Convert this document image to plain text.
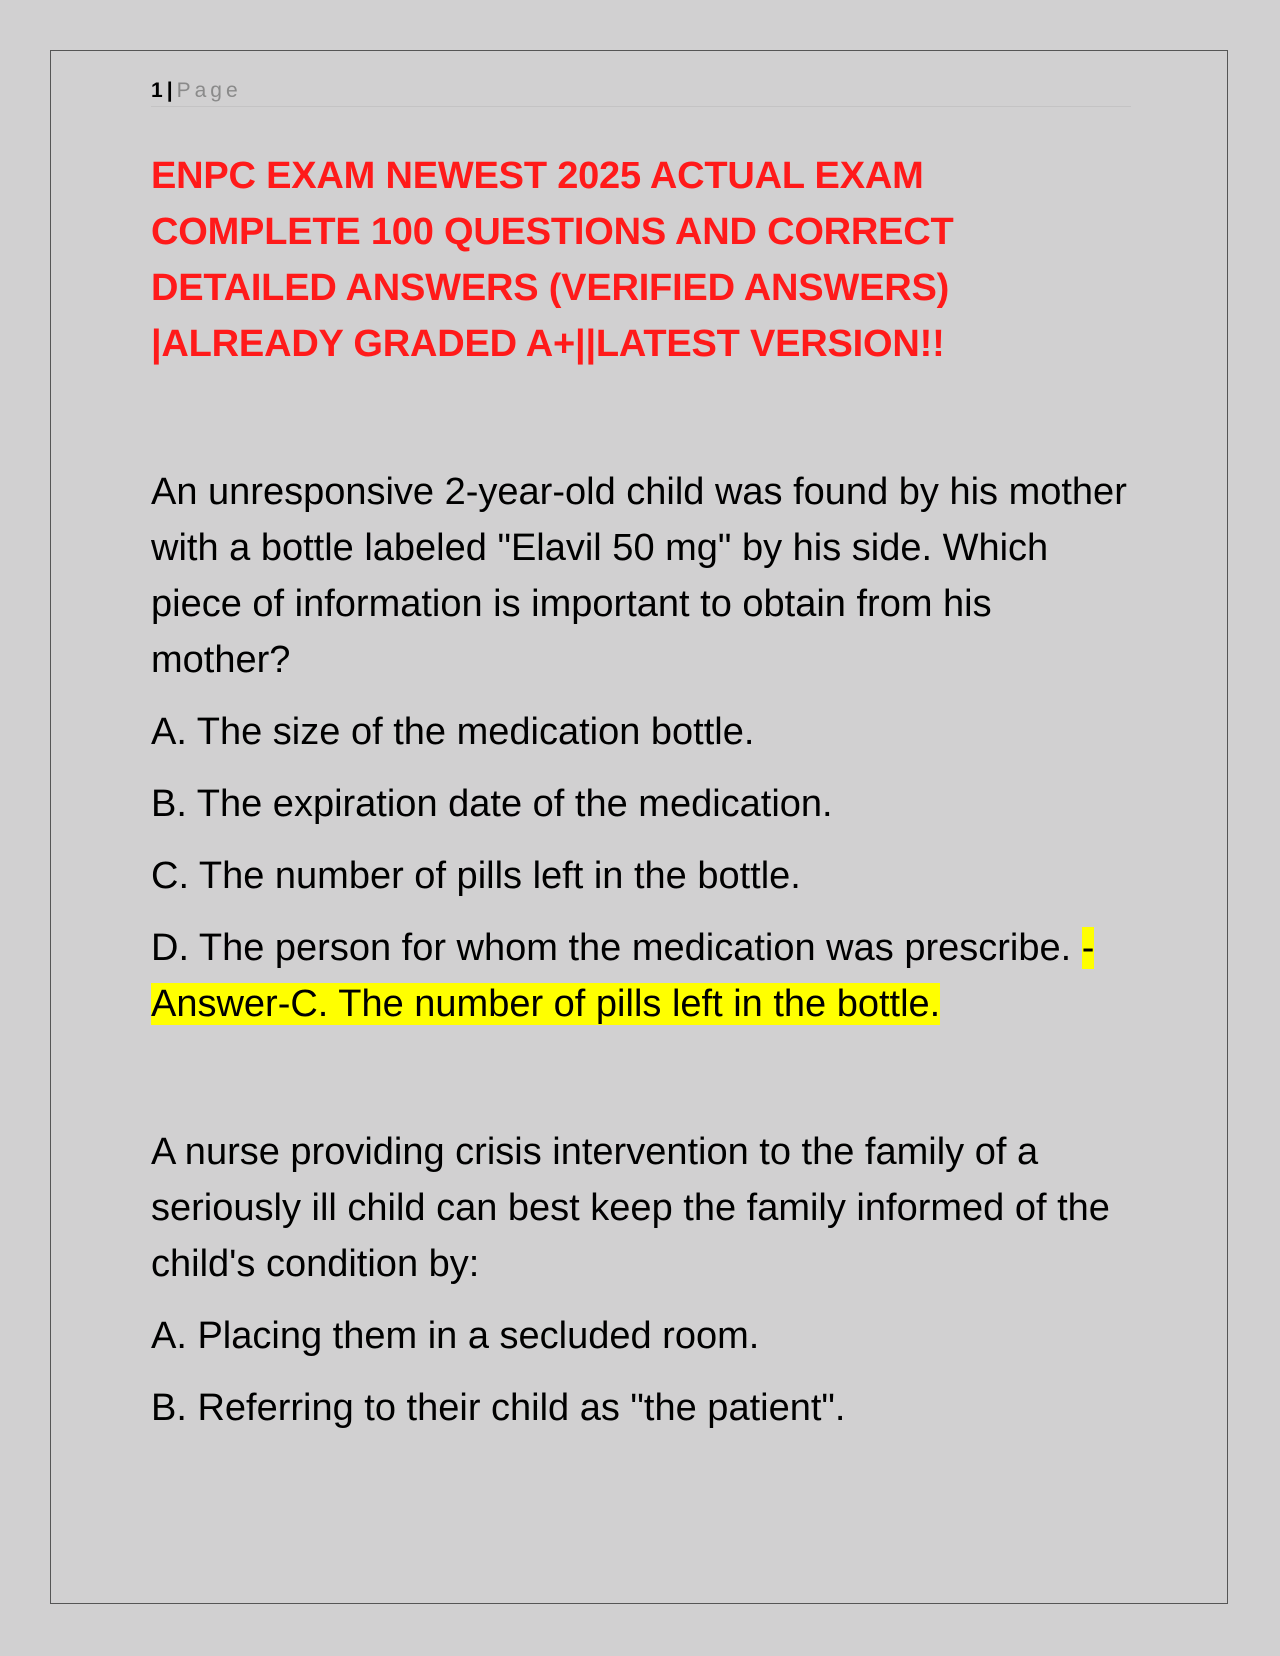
1 | Page
ENPC EXAM NEWEST 2025 ACTUAL EXAM COMPLETE 100 QUESTIONS AND CORRECT DETAILED ANSWERS (VERIFIED ANSWERS) |ALREADY GRADED A+||LATEST VERSION!!

An unresponsive 2-year-old child was found by his mother with a bottle labeled "Elavil 50 mg" by his side. Which piece of information is important to obtain from his mother?

A. The size of the medication bottle.

B. The expiration date of the medication.

C. The number of pills left in the bottle.

D. The person for whom the medication was prescribe. - Answer-C. The number of pills left in the bottle.

A nurse providing crisis intervention to the family of a seriously ill child can best keep the family informed of the child's condition by:

A. Placing them in a secluded room.

B. Referring to their child as "the patient".
